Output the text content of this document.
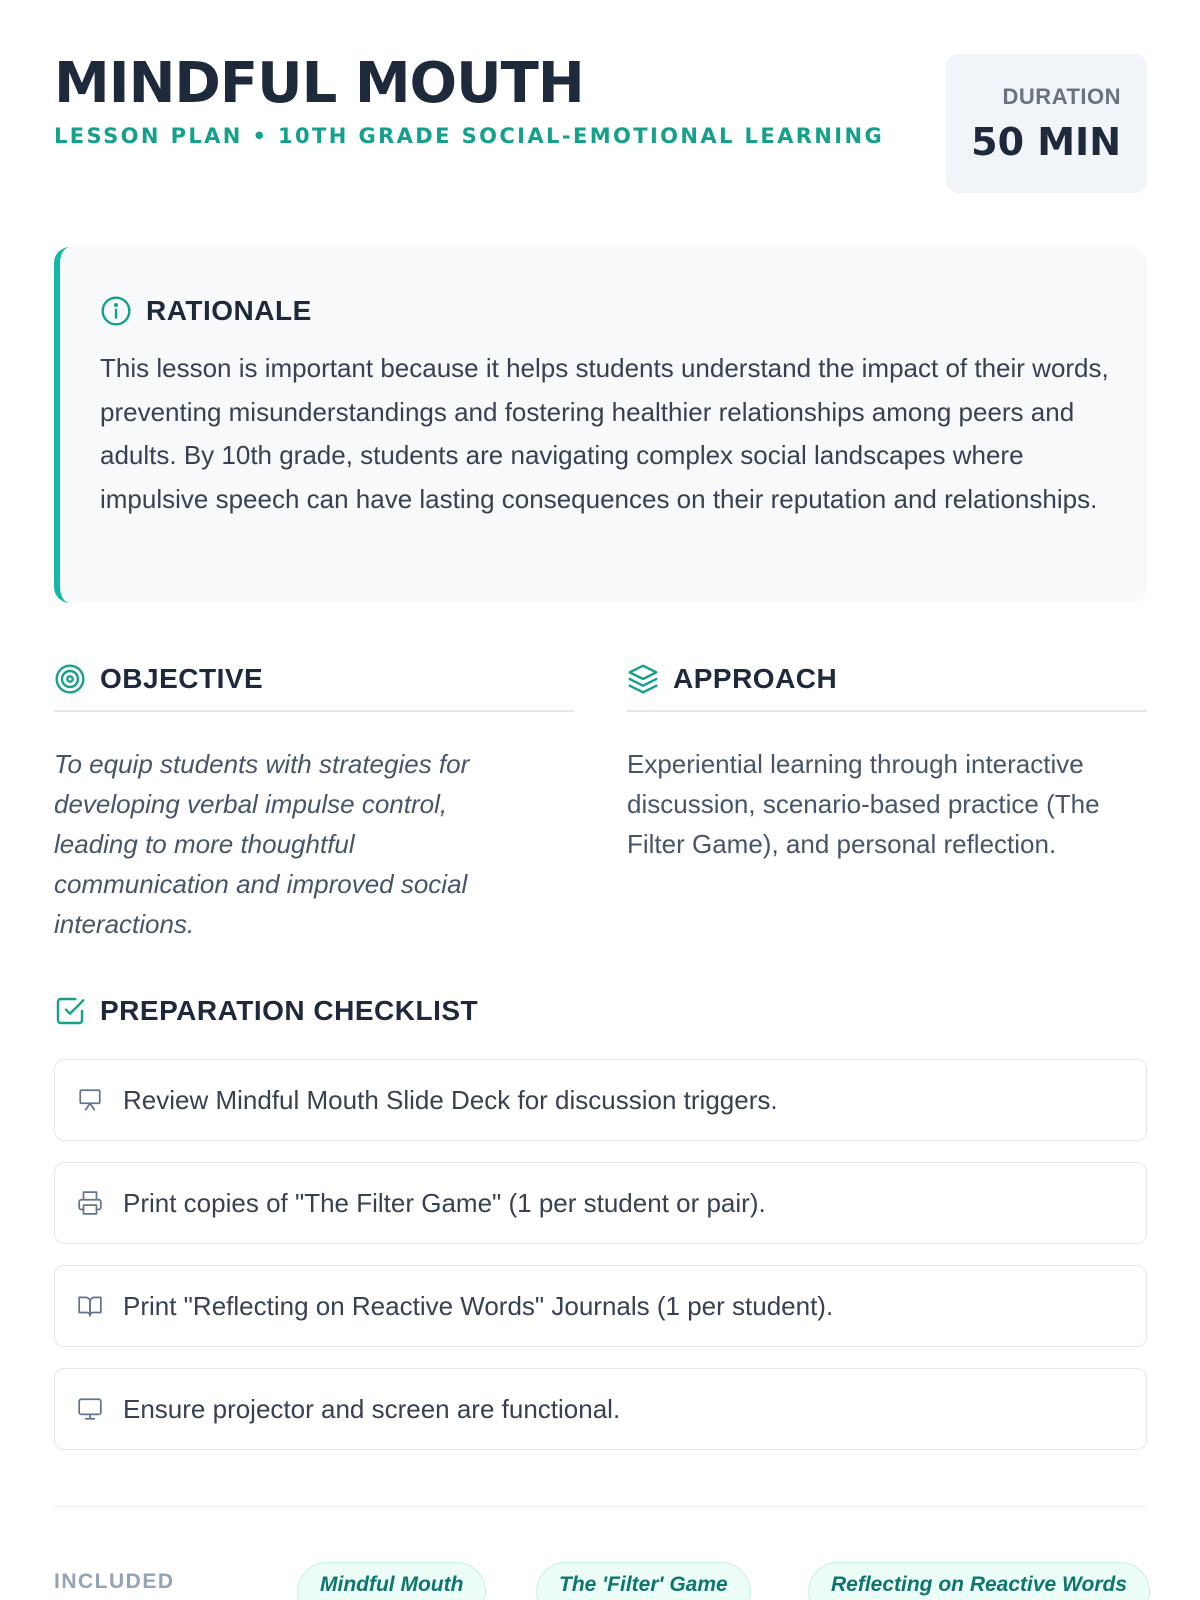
MINDFUL MOUTH
LESSON PLAN • 10TH GRADE SOCIAL-EMOTIONAL LEARNING
DURATION
50 MIN
RATIONALE
This lesson is important because it helps students understand the impact of their words, preventing misunderstandings and fostering healthier relationships among peers and adults. By 10th grade, students are navigating complex social landscapes where impulsive speech can have lasting consequences on their reputation and relationships.
OBJECTIVE
To equip students with strategies for developing verbal impulse control, leading to more thoughtful communication and improved social interactions.
APPROACH
Experiential learning through interactive discussion, scenario-based practice (The Filter Game), and personal reflection.
PREPARATION CHECKLIST
Review Mindful Mouth Slide Deck for discussion triggers.
Print copies of "The Filter Game" (1 per student or pair).
Print "Reflecting on Reactive Words" Journals (1 per student).
Ensure projector and screen are functional.
INCLUDED	Mindful Mouth	The 'Filter' Game	Reflecting on Reactive Words
